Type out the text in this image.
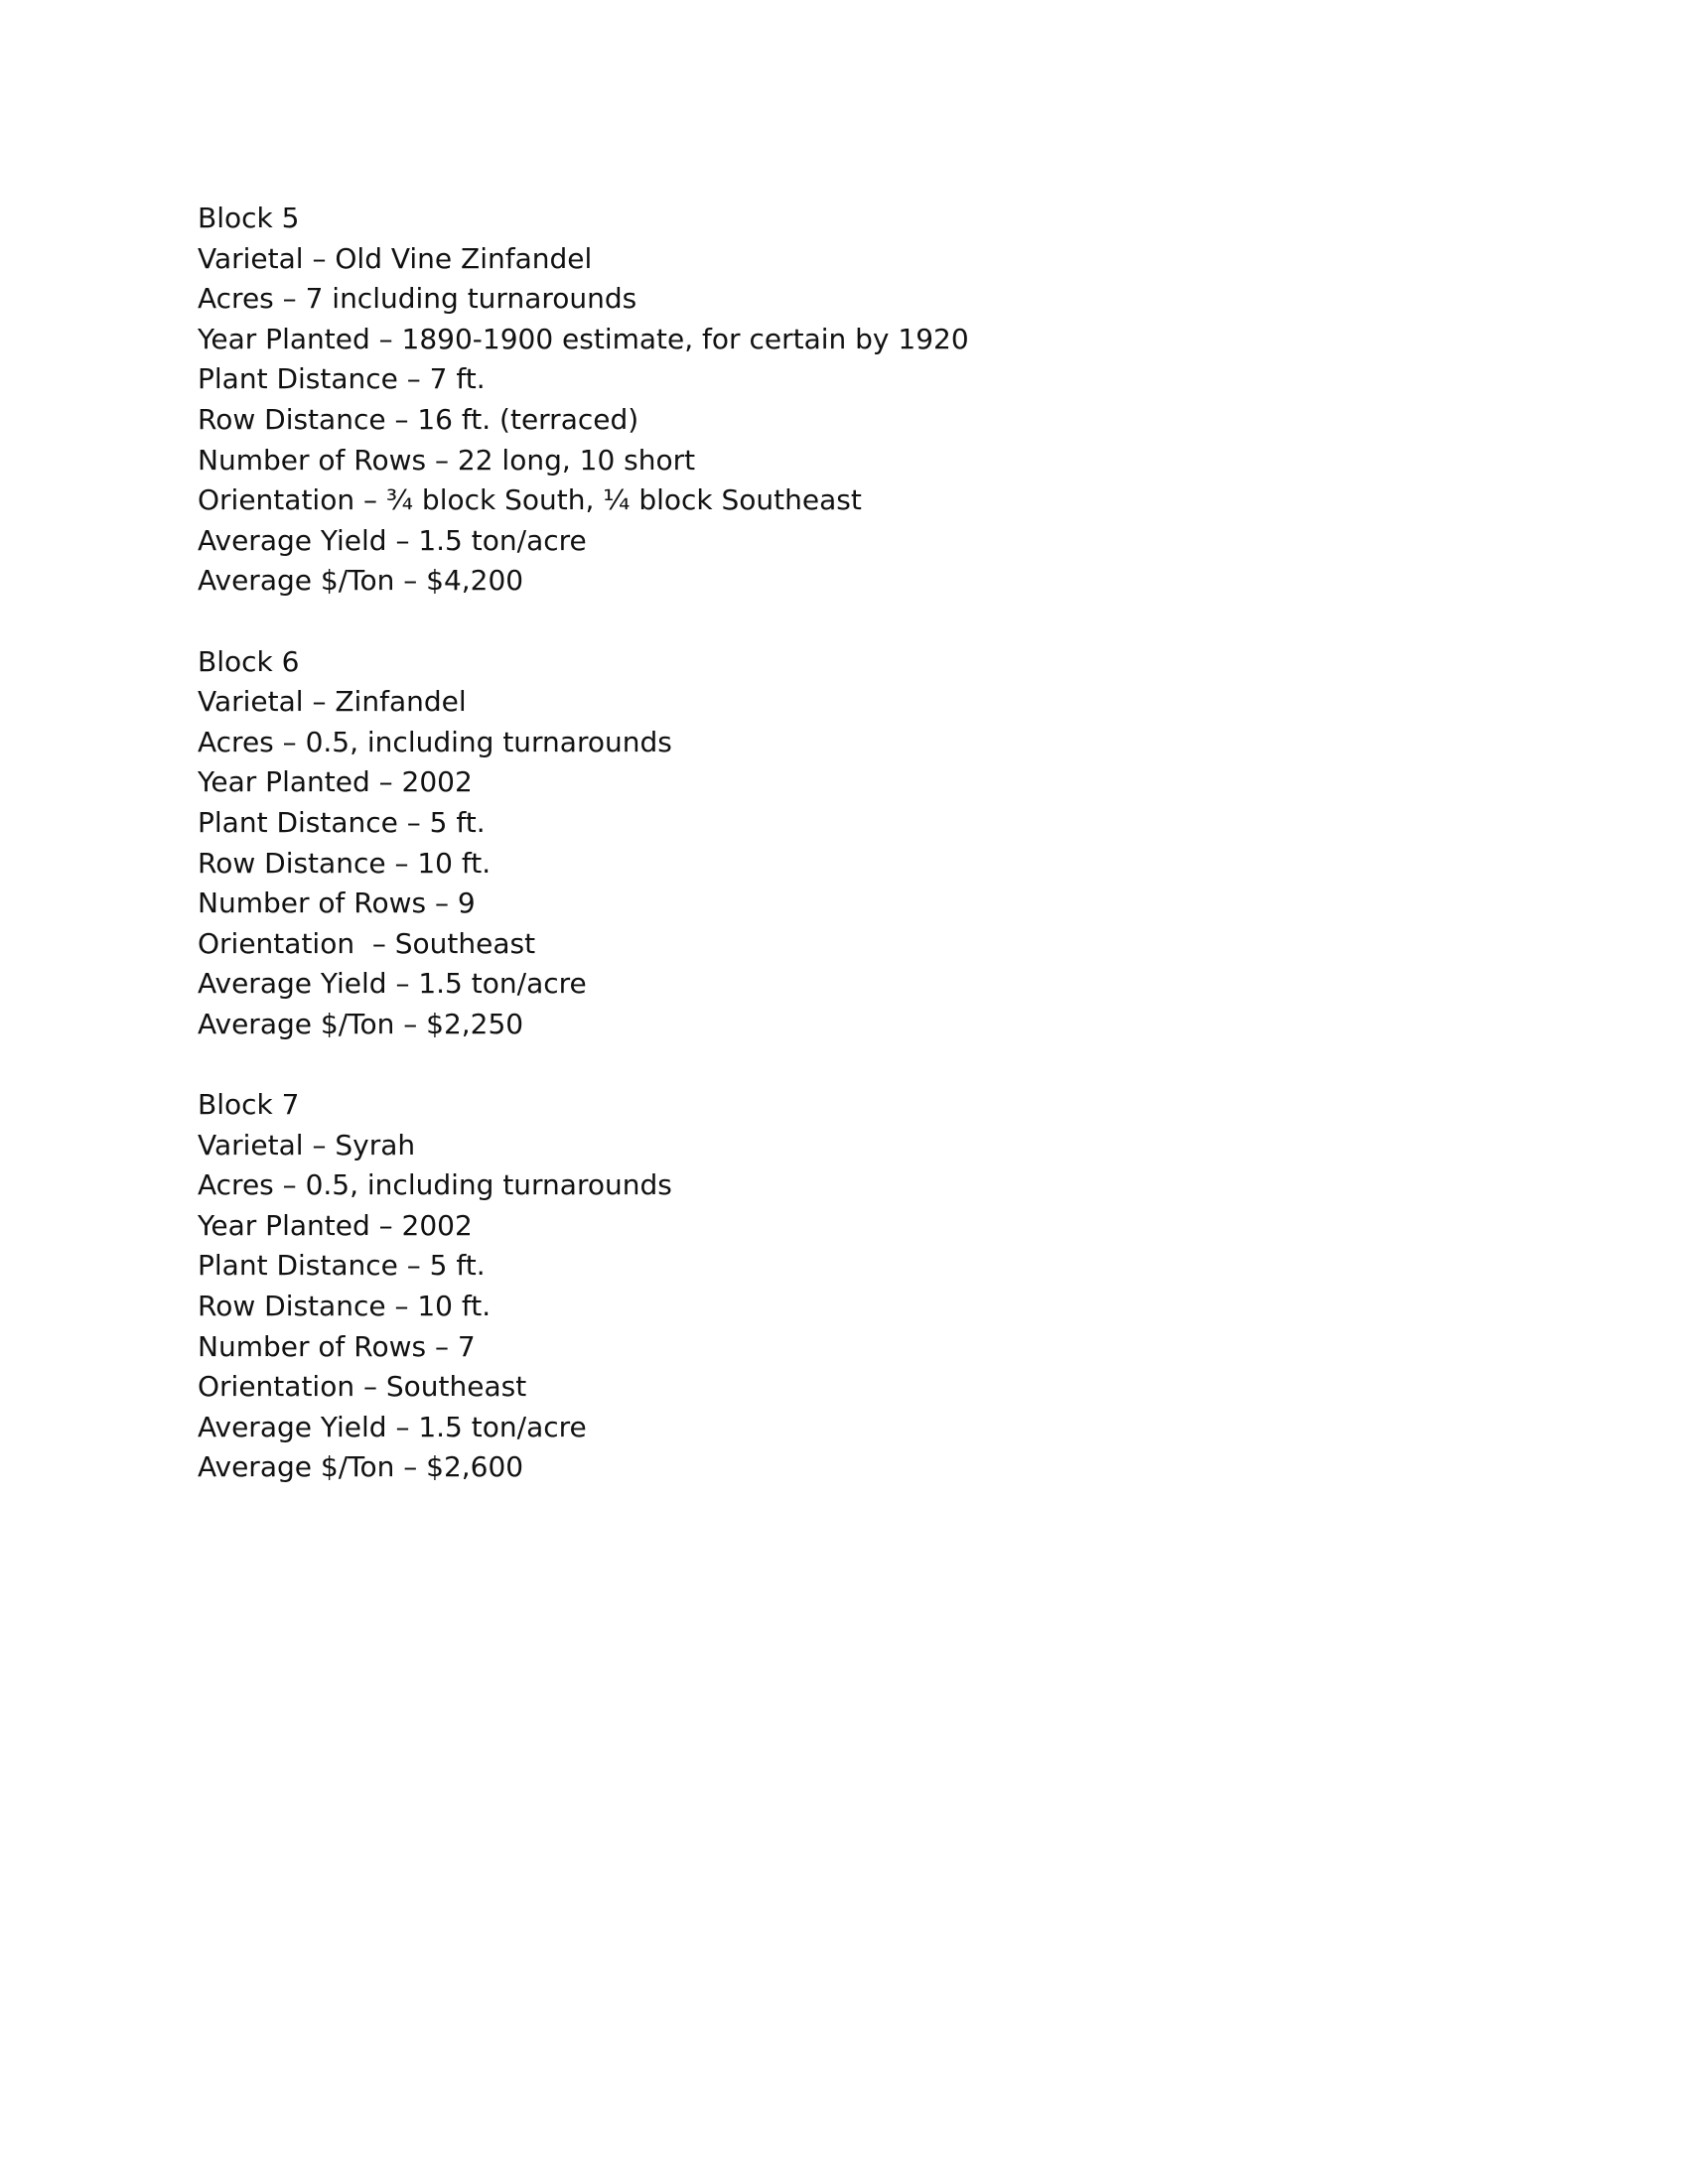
Block 5
Varietal – Old Vine Zinfandel
Acres – 7 including turnarounds
Year Planted – 1890-1900 estimate, for certain by 1920
Plant Distance – 7 ft.
Row Distance – 16 ft. (terraced)
Number of Rows – 22 long, 10 short
Orientation – ¾ block South, ¼ block Southeast
Average Yield – 1.5 ton/acre
Average $/Ton – $4,200
Block 6
Varietal – Zinfandel
Acres – 0.5, including turnarounds
Year Planted – 2002
Plant Distance – 5 ft.
Row Distance – 10 ft.
Number of Rows – 9
Orientation  – Southeast
Average Yield – 1.5 ton/acre
Average $/Ton – $2,250
Block 7
Varietal – Syrah
Acres – 0.5, including turnarounds
Year Planted – 2002
Plant Distance – 5 ft.
Row Distance – 10 ft.
Number of Rows – 7
Orientation – Southeast
Average Yield – 1.5 ton/acre
Average $/Ton – $2,600
